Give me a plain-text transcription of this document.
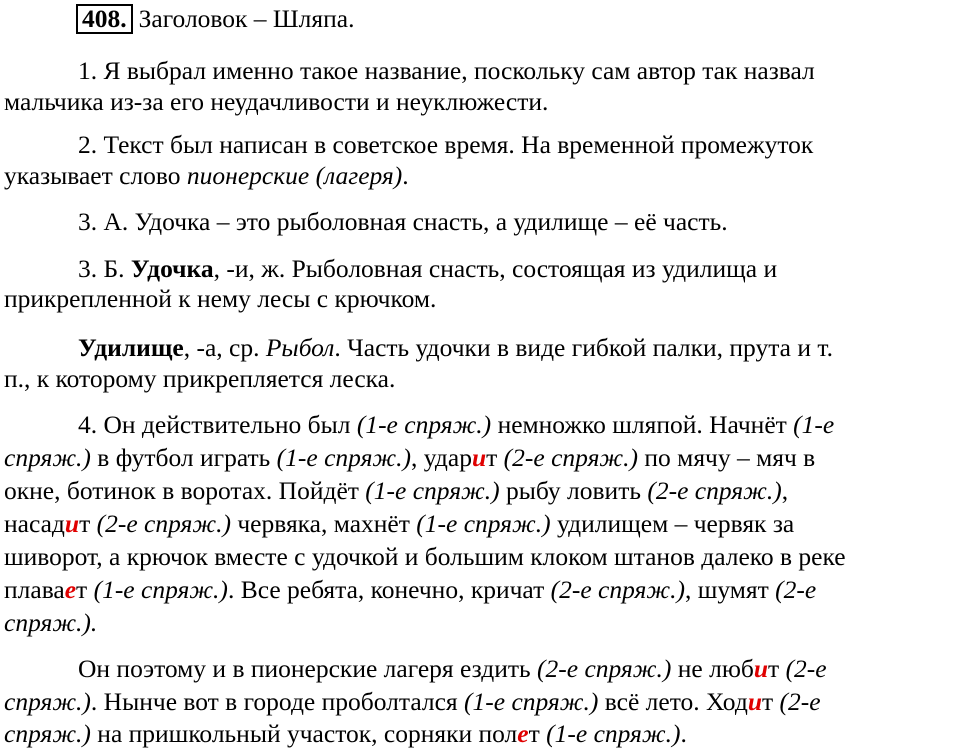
408. Заголовок – Шляпа.
1. Я выбрал именно такое название, поскольку сам автор так назвал
мальчика из-за его неудачливости и неуклюжести.
2. Текст был написан в советское время. На временной промежуток
указывает слово пионерские (лагеря).
3. А. Удочка – это рыболовная снасть, а удилище – её часть.
3. Б. Удочка, -и, ж. Рыболовная снасть, состоящая из удилища и
прикрепленной к нему лесы с крючком.
Удилище, -а, ср. Рыбол. Часть удочки в виде гибкой палки, прута и т.
п., к которому прикрепляется леска.
4. Он действительно был (1-е спряж.) немножко шляпой. Начнёт (1-е
спряж.) в футбол играть (1-е спряж.), ударит (2-е спряж.) по мячу – мяч в
окне, ботинок в воротах. Пойдёт (1-е спряж.) рыбу ловить (2-е спряж.),
насадит (2-е спряж.) червяка, махнёт (1-е спряж.) удилищем – червяк за
шиворот, а крючок вместе с удочкой и большим клоком штанов далеко в реке
плавает (1-е спряж.). Все ребята, конечно, кричат (2-е спряж.), шумят (2-е
спряж.).
Он поэтому и в пионерские лагеря ездить (2-е спряж.) не любит (2-е
спряж.). Нынче вот в городе проболтался (1-е спряж.) всё лето. Ходит (2-е
спряж.) на пришкольный участок, сорняки полет (1-е спряж.).
